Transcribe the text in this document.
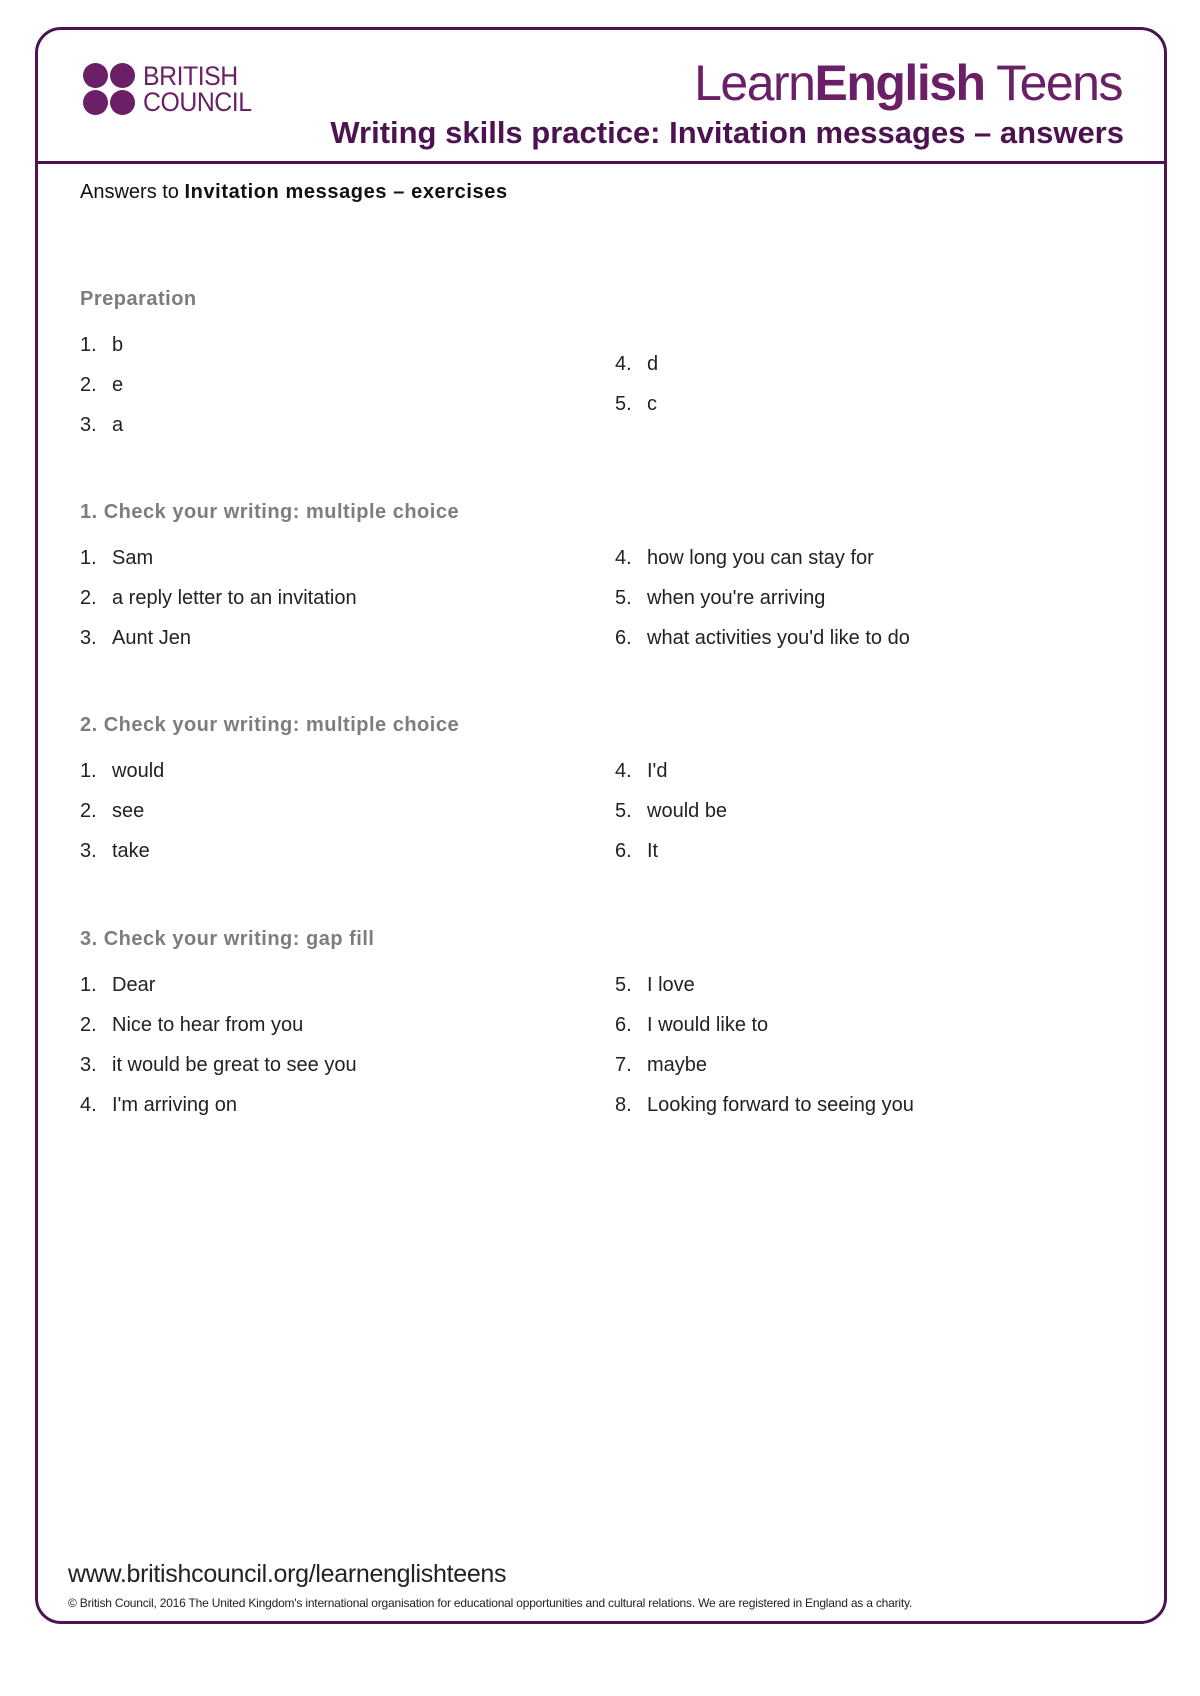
BRITISH
COUNCIL	LearnEnglish Teens
Writing skills practice: Invitation messages – answers
Answers to Invitation messages – exercises
Preparation
1. b
2. e
3. a
4. d
5. c
1. Check your writing: multiple choice
1. Sam
2. a reply letter to an invitation
3. Aunt Jen
4. how long you can stay for
5. when you're arriving
6. what activities you'd like to do
2. Check your writing: multiple choice
1. would
2. see
3. take
4. I'd
5. would be
6. It
3. Check your writing: gap fill
1. Dear
2. Nice to hear from you
3. it would be great to see you
4. I'm arriving on
5. I love
6. I would like to
7. maybe
8. Looking forward to seeing you
www.britishcouncil.org/learnenglishteens
© British Council, 2016 The United Kingdom's international organisation for educational opportunities and cultural relations. We are registered in England as a charity.
